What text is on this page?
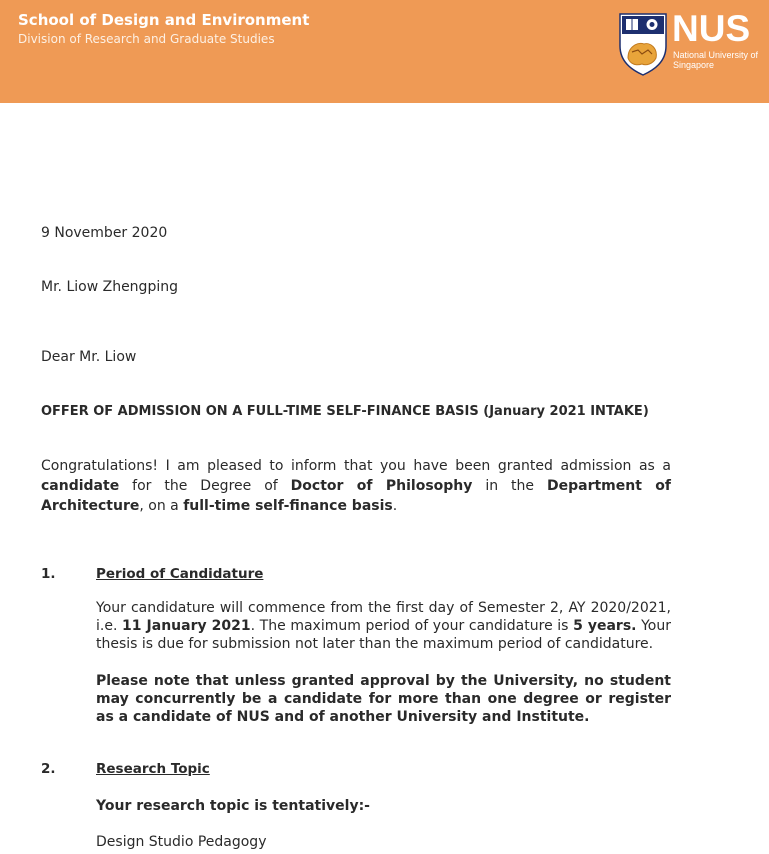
School of Design and Environment
Division of Research and Graduate Studies	NUS
National University of Singapore
9 November 2020
Mr. Liow Zhengping
Dear Mr. Liow
OFFER OF ADMISSION ON A FULL-TIME SELF-FINANCE BASIS (January 2021 INTAKE)
Congratulations! I am pleased to inform that you have been granted admission as a candidate for the Degree of Doctor of Philosophy in the Department of Architecture, on a full-time self-finance basis.
1.	Period of Candidature
Your candidature will commence from the first day of Semester 2, AY 2020/2021, i.e. 11 January 2021. The maximum period of your candidature is 5 years. Your thesis is due for submission not later than the maximum period of candidature.
Please note that unless granted approval by the University, no student may concurrently be a candidate for more than one degree or register as a candidate of NUS and of another University and Institute.
2.	Research Topic
Your research topic is tentatively:-
Design Studio Pedagogy
